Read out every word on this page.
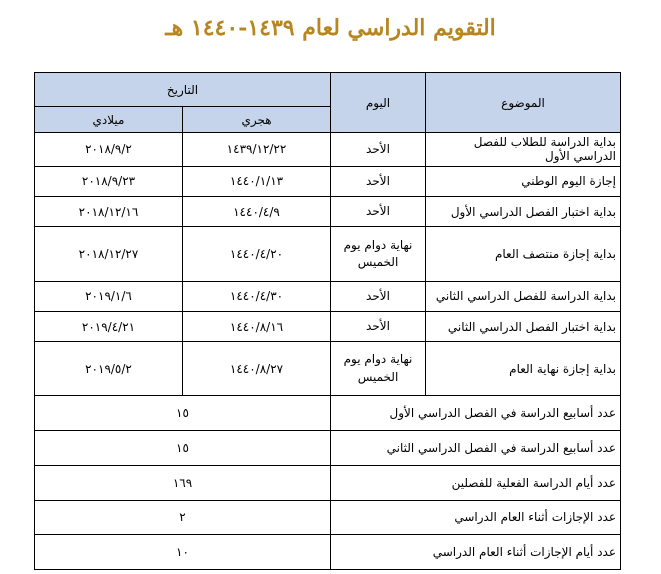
التقويم الدراسي لعام ١٤٣٩-١٤٤٠ هـ
الموضوع	اليوم	التاريخ	
		هجري	ميلادي
بداية الدراسة للطلاب للفصل الدراسي الأول	الأحد	١٤٣٩/١٢/٢٢	٢٠١٨/٩/٢
إجازة اليوم الوطني	الأحد	١٤٤٠/١/١٣	٢٠١٨/٩/٢٣
بداية اختبار الفصل الدراسي الأول	الأحد	١٤٤٠/٤/٩	٢٠١٨/١٢/١٦
بداية إجازة منتصف العام	نهاية دوام يوم الخميس	١٤٤٠/٤/٢٠	٢٠١٨/١٢/٢٧
بداية الدراسة للفصل الدراسي الثاني	الأحد	١٤٤٠/٤/٣٠	٢٠١٩/١/٦
بداية اختبار الفصل الدراسي الثاني	الأحد	١٤٤٠/٨/١٦	٢٠١٩/٤/٢١
بداية إجازة نهاية العام	نهاية دوام يوم الخميس	١٤٤٠/٨/٢٧	٢٠١٩/٥/٢
عدد أسابيع الدراسة في الفصل الدراسي الأول		١٥	
عدد أسابيع الدراسة في الفصل الدراسي الثاني		١٥	
عدد أيام الدراسة الفعلية للفصلين		١٦٩	
عدد الإجازات أثناء العام الدراسي		٢	
عدد أيام الإجازات أثناء العام الدراسي		١٠	
